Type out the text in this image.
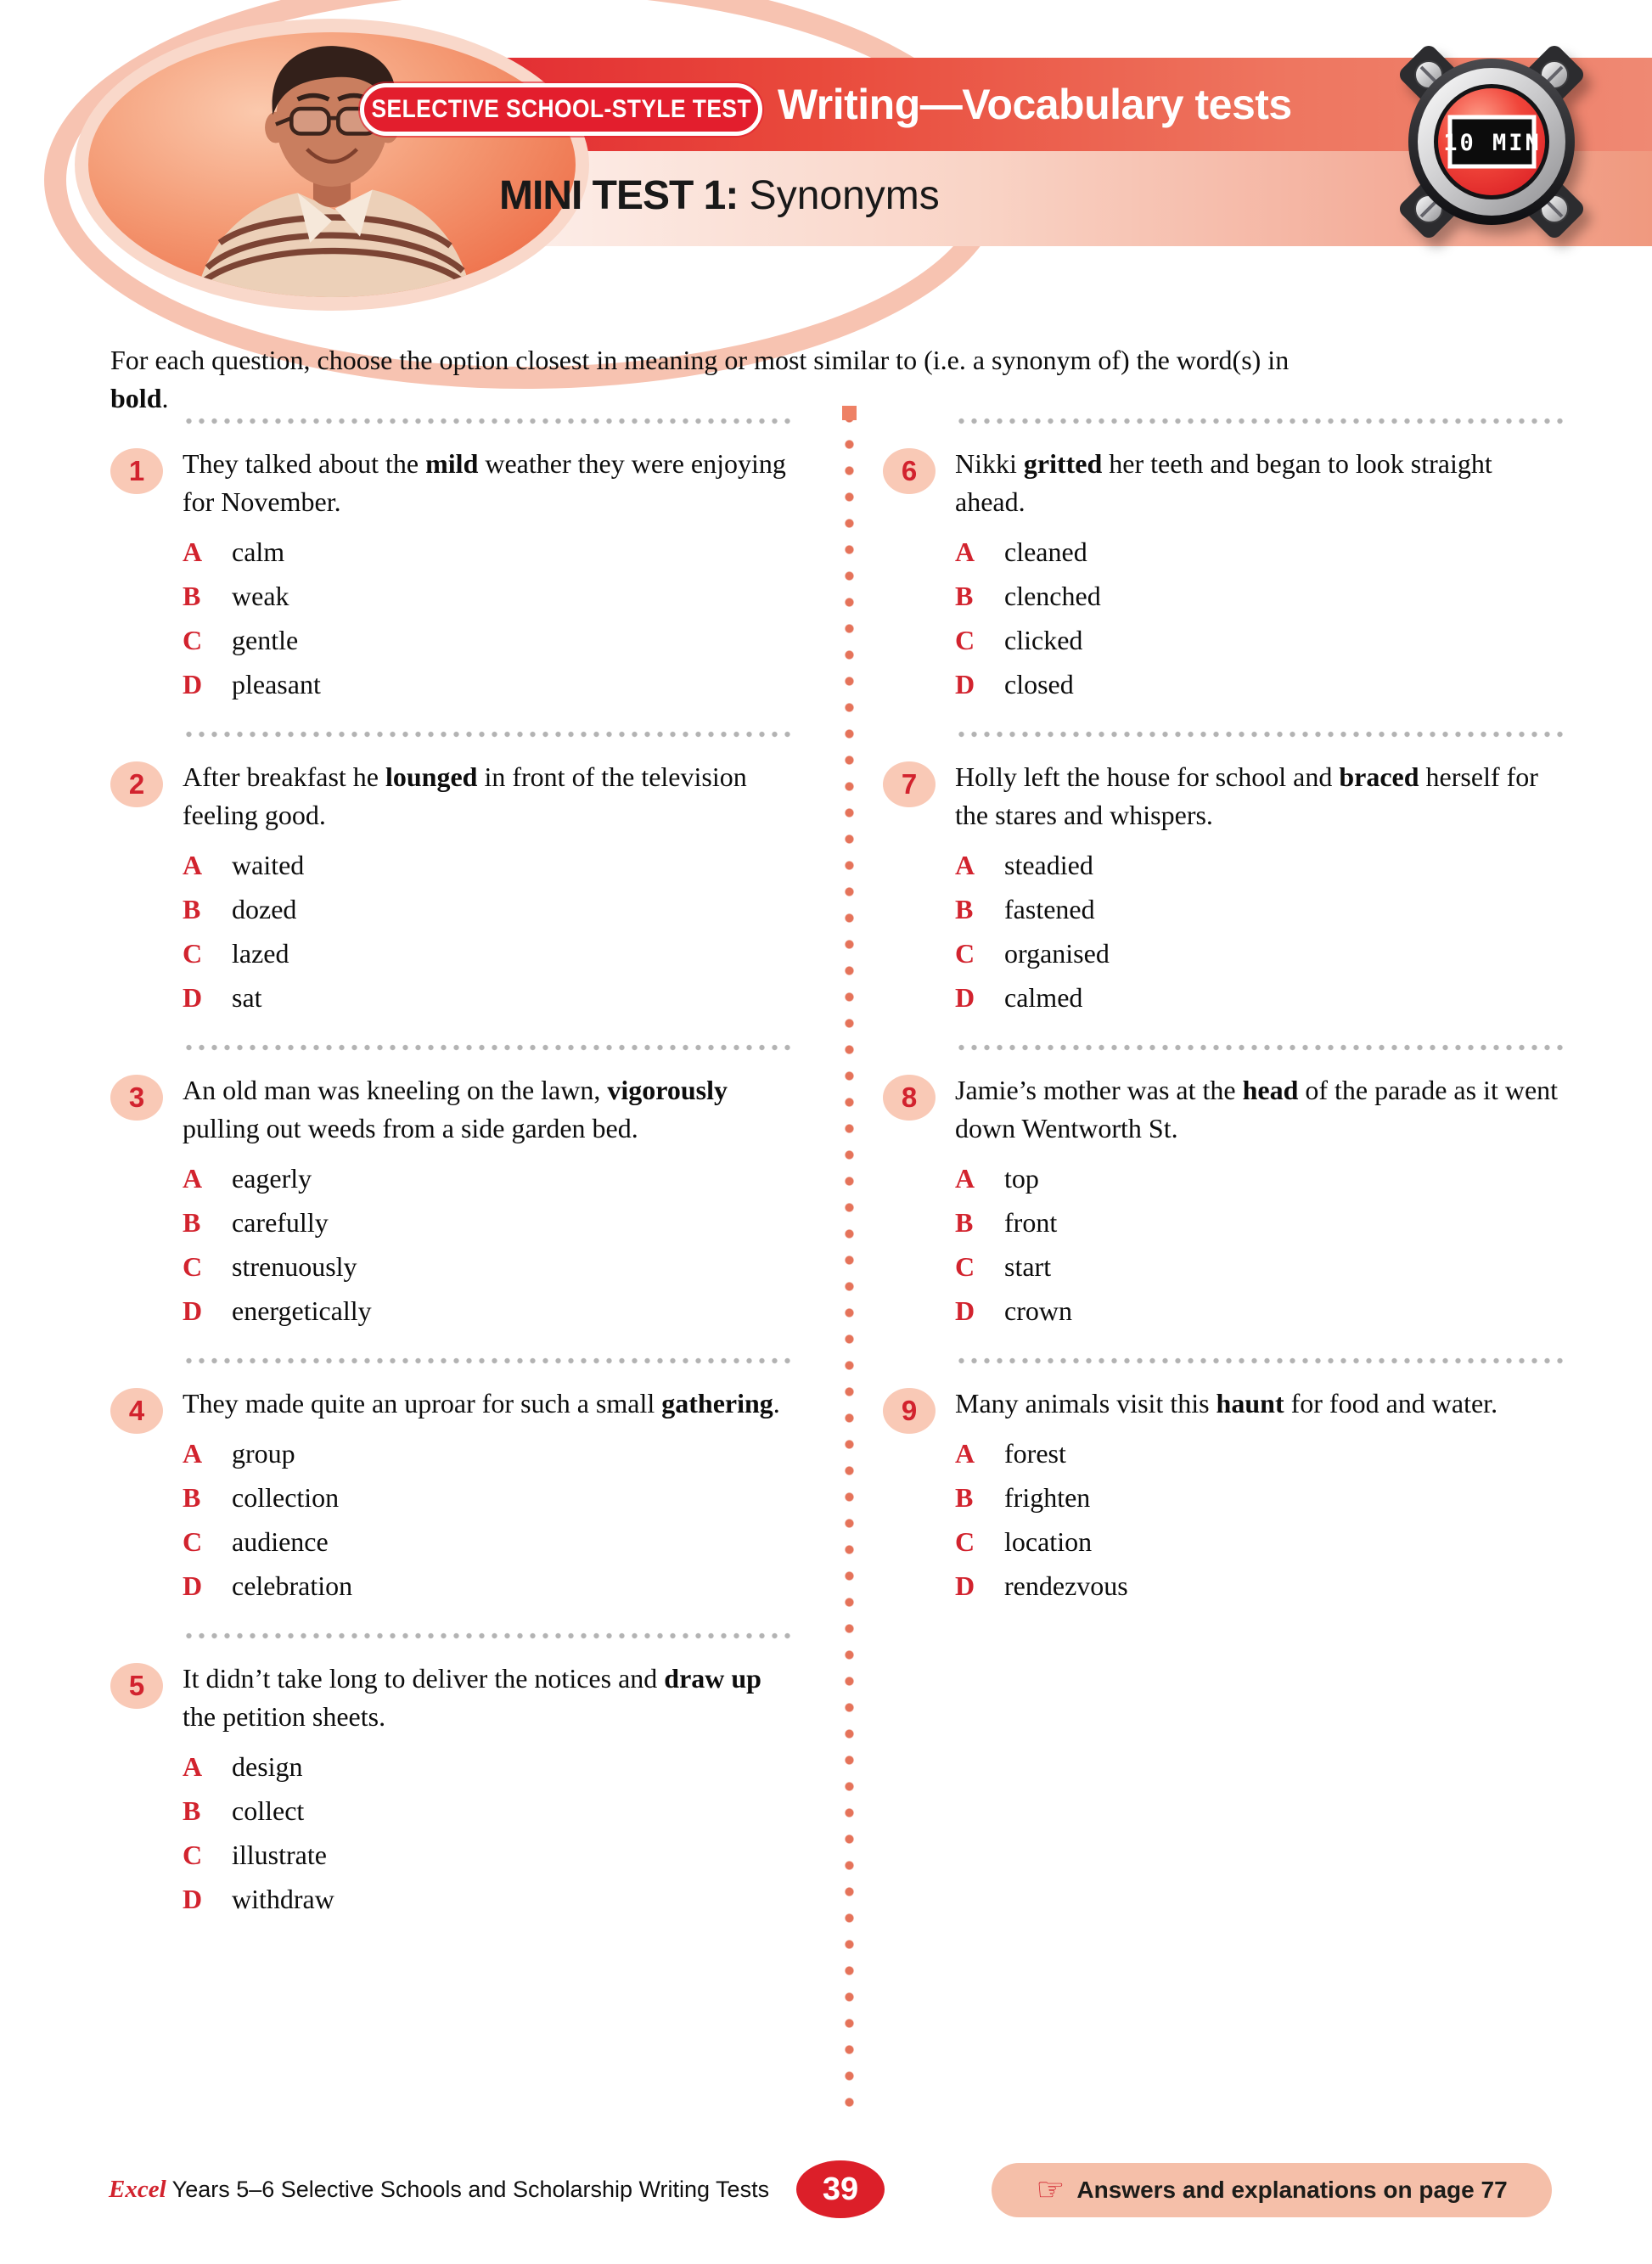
SELECTIVE SCHOOL-STYLE TEST Writing—Vocabulary tests
MINI TEST 1: Synonyms
10 MIN

For each question, choose the option closest in meaning or most similar to (i.e. a synonym of) the word(s) in bold.

1 They talked about the mild weather they were enjoying for November.

A	calm
B	weak
C	gentle
D	pleasant
2 After breakfast he lounged in front of the television feeling good.

A	waited
B	dozed
C	lazed
D	sat
3 An old man was kneeling on the lawn, vigorously pulling out weeds from a side garden bed.

A	eagerly
B	carefully
C	strenuously
D	energetically
4 They made quite an uproar for such a small gathering.

A	group
B	collection
C	audience
D	celebration
5 It didn’t take long to deliver the notices and draw up the petition sheets.

A	design
B	collect
C	illustrate
D	withdraw
6 Nikki gritted her teeth and began to look straight ahead.

A	cleaned
B	clenched
C	clicked
D	closed
7 Holly left the house for school and braced herself for the stares and whispers.

A	steadied
B	fastened
C	organised
D	calmed
8 Jamie’s mother was at the head of the parade as it went down Wentworth St.

A	top
B	front
C	start
D	crown
9 Many animals visit this haunt for food and water.

A	forest
B	frighten
C	location
D	rendezvous
Excel Years 5–6 Selective Schools and Scholarship Writing Tests 39	☞ Answers and explanations on page 77
